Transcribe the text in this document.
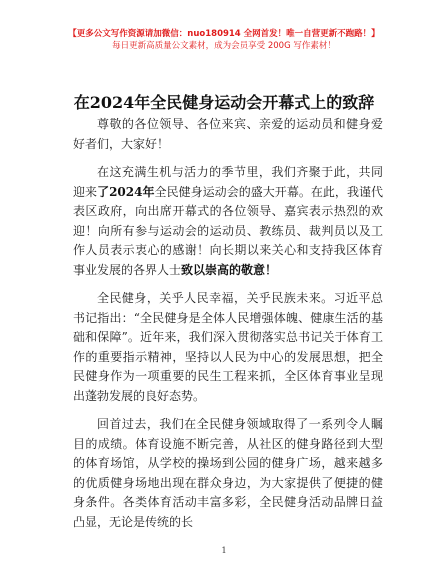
【更多公文写作资源请加微信：nuo180914 全网首发！唯一自营更新不跑路！】
每日更新高质量公文素材，成为会员享受 200G 写作素材！
在2024年全民健身运动会开幕式上的致辞

尊敬的各位领导、各位来宾、亲爱的运动员和健身爱好者们，大家好！

在这充满生机与活力的季节里，我们齐聚于此，共同迎来了2024年全民健身运动会的盛大开幕。在此，我谨代表区政府，向出席开幕式的各位领导、嘉宾表示热烈的欢迎！向所有参与运动会的运动员、教练员、裁判员以及工作人员表示衷心的感谢！向长期以来关心和支持我区体育事业发展的各界人士致以崇高的敬意！

全民健身，关乎人民幸福，关乎民族未来。习近平总书记指出：“全民健身是全体人民增强体魄、健康生活的基础和保障”。近年来，我们深入贯彻落实总书记关于体育工作的重要指示精神，坚持以人民为中心的发展思想，把全民健身作为一项重要的民生工程来抓，全区体育事业呈现出蓬勃发展的良好态势。

回首过去，我们在全民健身领域取得了一系列令人瞩目的成绩。体育设施不断完善，从社区的健身路径到大型的体育场馆，从学校的操场到公园的健身广场，越来越多的优质健身场地出现在群众身边，为大家提供了便捷的健身条件。各类体育活动丰富多彩，全民健身活动品牌日益凸显，无论是传统的长

1
